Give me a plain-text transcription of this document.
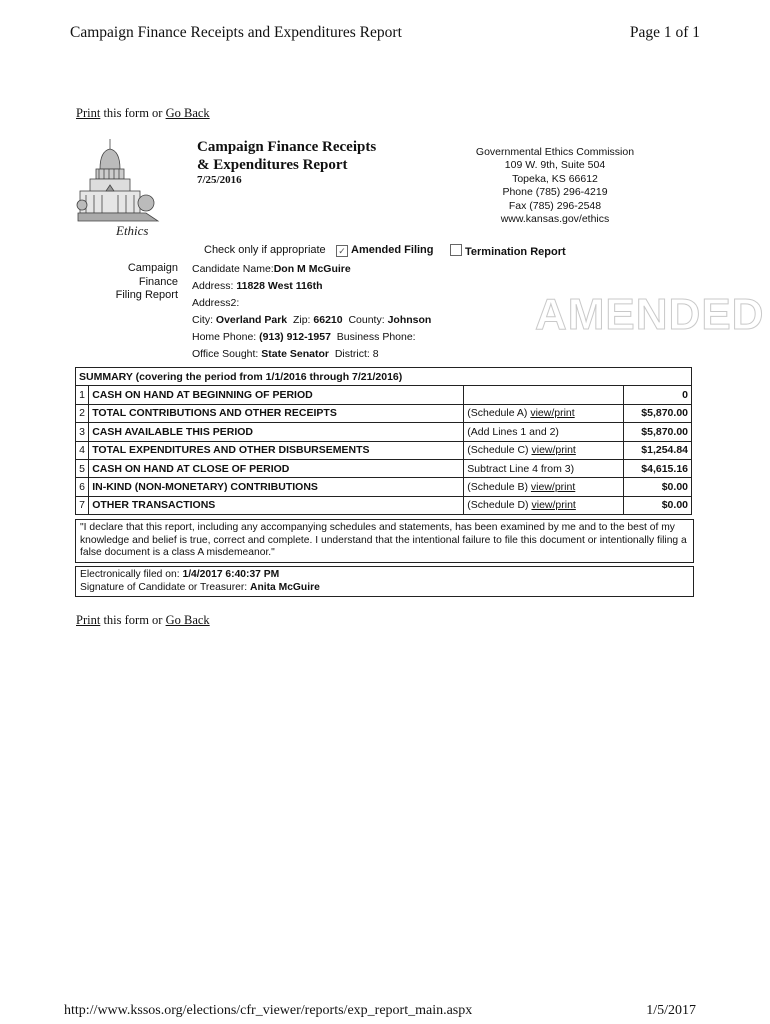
Campaign Finance Receipts and Expenditures Report	Page 1 of 1
Print this form or Go Back
Ethics
Campaign Finance Receipts
& Expenditures Report
7/25/2016
Governmental Ethics Commission
109 W. 9th, Suite 504
Topeka, KS 66612
Phone (785) 296-4219
Fax (785) 296-2548
www.kansas.gov/ethics
Check only if appropriate ✓ Amended Filing	Termination Report
Campaign Finance
Filing Report
Candidate Name:Don M McGuire
Address: 11828 West 116th
Address2:
City: Overland Park Zip: 66210 County: Johnson
Home Phone: (913) 912-1957 Business Phone:
Office Sought: State Senator District: 8
AMENDED
SUMMARY (covering the period from 1/1/2016 through 7/21/2016)			
1	CASH ON HAND AT BEGINNING OF PERIOD		0
2	TOTAL CONTRIBUTIONS AND OTHER RECEIPTS	(Schedule A) view/print	$5,870.00
3	CASH AVAILABLE THIS PERIOD	(Add Lines 1 and 2)	$5,870.00
4	TOTAL EXPENDITURES AND OTHER DISBURSEMENTS	(Schedule C) view/print	$1,254.84
5	CASH ON HAND AT CLOSE OF PERIOD	Subtract Line 4 from 3)	$4,615.16
6	IN-KIND (NON-MONETARY) CONTRIBUTIONS	(Schedule B) view/print	$0.00
7	OTHER TRANSACTIONS	(Schedule D) view/print	$0.00
"I declare that this report, including any accompanying schedules and statements, has been examined by me and to the best of my knowledge and belief is true, correct and complete. I understand that the intentional failure to file this document or intentionally filing a false document is a class A misdemeanor."
Electronically filed on: 1/4/2017 6:40:37 PM
Signature of Candidate or Treasurer: Anita McGuire
Print this form or Go Back
http://www.kssos.org/elections/cfr_viewer/reports/exp_report_main.aspx	1/5/2017
